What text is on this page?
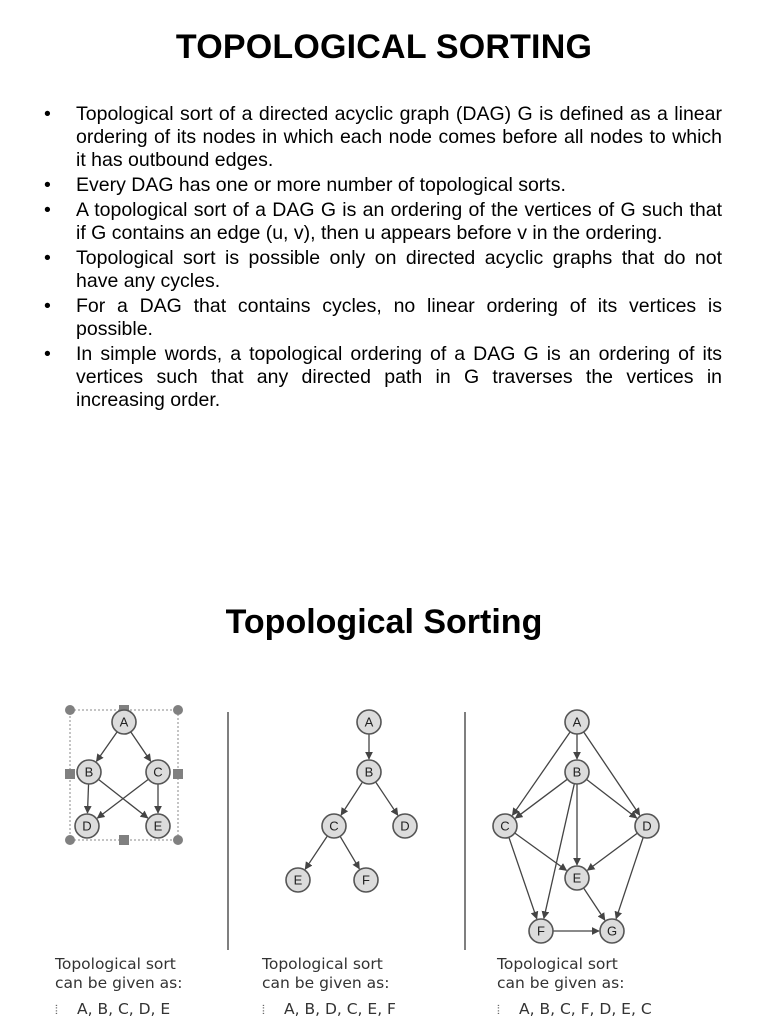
TOPOLOGICAL SORTING
• Topological sort of a directed acyclic graph (DAG) G is defined as a linear ordering of its nodes in which each node comes before all nodes to which it has outbound edges.
• Every DAG has one or more number of topological sorts.
• A topological sort of a DAG G is an ordering of the vertices of G such that if G contains an edge (u, v), then u appears before v in the ordering.
• Topological sort is possible only on directed acyclic graphs that do not have any cycles.
• For a DAG that contains cycles, no linear ordering of its vertices is possible.
• In simple words, a topological ordering of a DAG G is an ordering of its vertices such that any directed path in G traverses the vertices in increasing order.
Topological Sorting
A
B	C
D	E
A
B
C	D
E	F
A
B
C	D
E
F	G
Topological sort
can be given as:
⦙ A, B, C, D, E
Topological sort
can be given as:
⦙ A, B, D, C, E, F
Topological sort
can be given as:
⦙ A, B, C, F, D, E, C
